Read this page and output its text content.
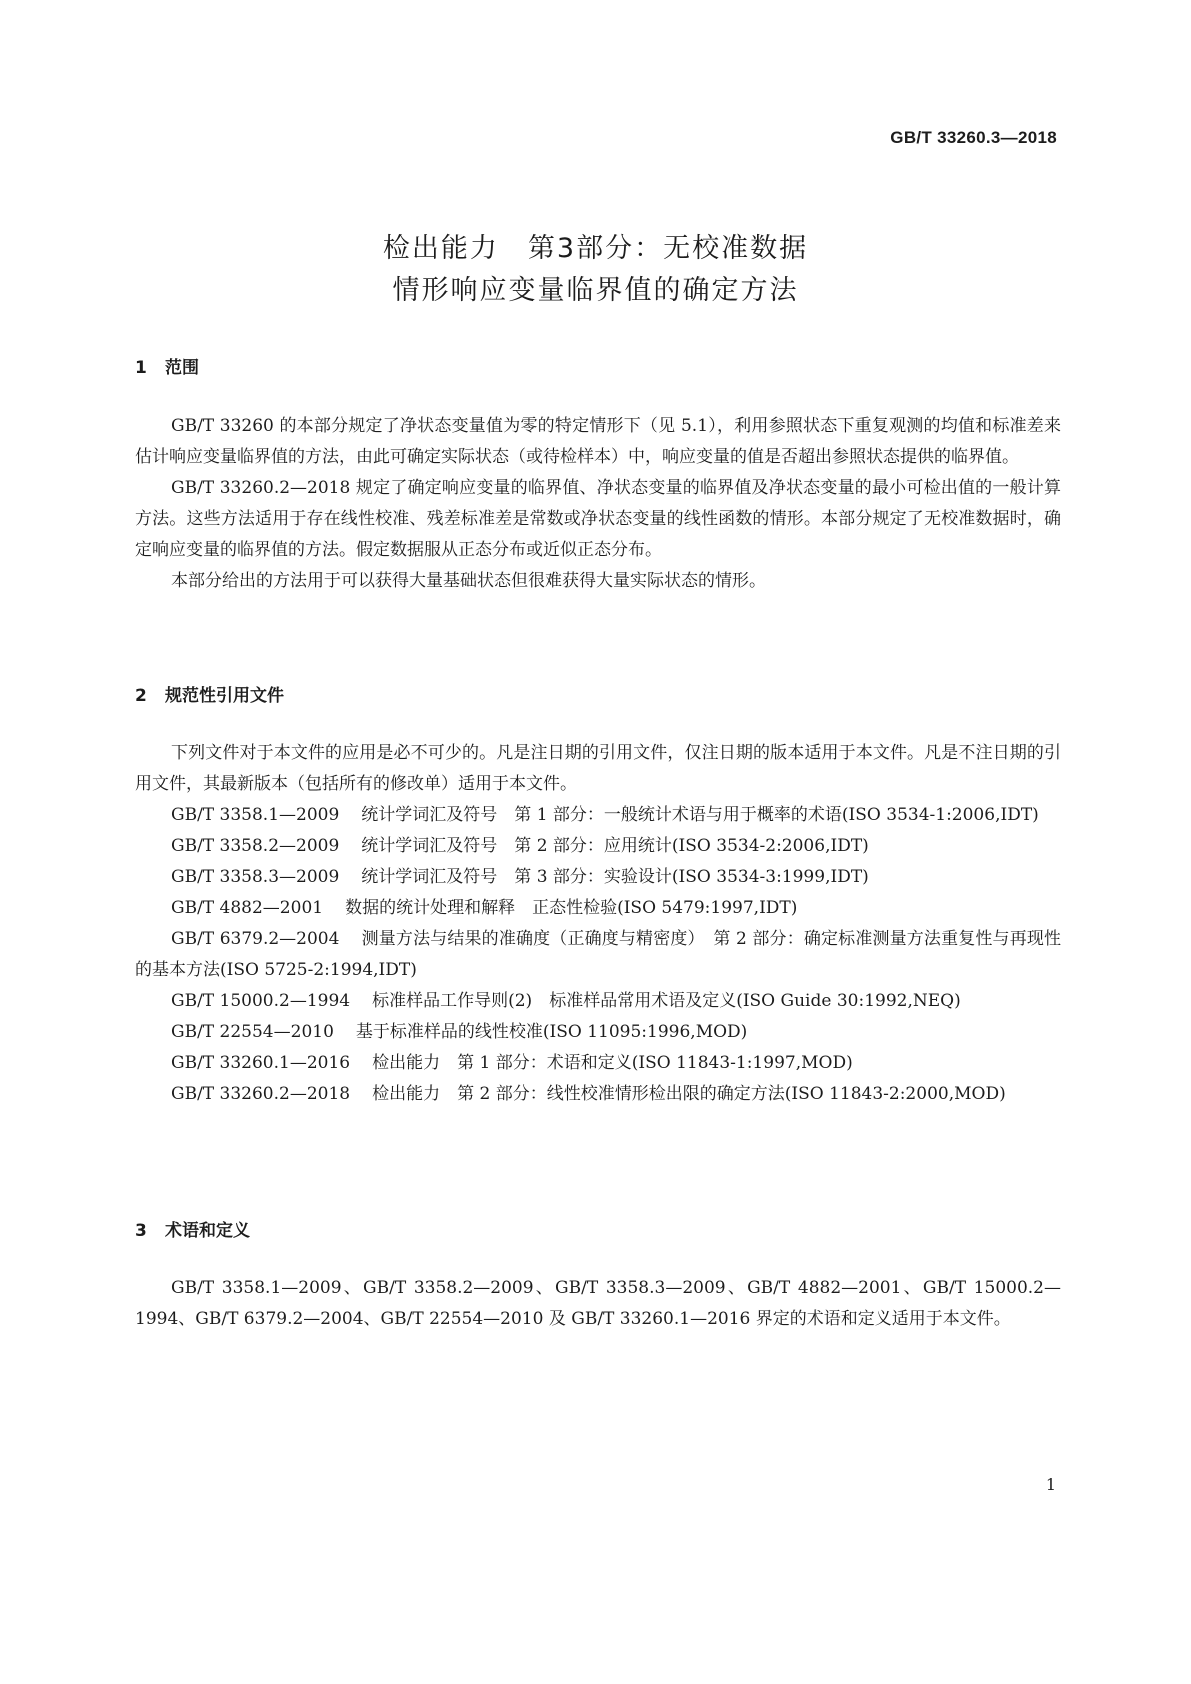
GB/T 33260.3—2018

检出能力　第3部分：无校准数据
情形响应变量临界值的确定方法
1 范围

GB/T 33260 的本部分规定了净状态变量值为零的特定情形下（见 5.1），利用参照状态下重复观测的均值和标准差来估计响应变量临界值的方法，由此可确定实际状态（或待检样本）中，响应变量的值是否超出参照状态提供的临界值。

GB/T 33260.2—2018 规定了确定响应变量的临界值、净状态变量的临界值及净状态变量的最小可检出值的一般计算方法。这些方法适用于存在线性校准、残差标准差是常数或净状态变量的线性函数的情形。本部分规定了无校准数据时，确定响应变量的临界值的方法。假定数据服从正态分布或近似正态分布。

本部分给出的方法用于可以获得大量基础状态但很难获得大量实际状态的情形。

2 规范性引用文件

下列文件对于本文件的应用是必不可少的。凡是注日期的引用文件，仅注日期的版本适用于本文件。凡是不注日期的引用文件，其最新版本（包括所有的修改单）适用于本文件。

GB/T 3358.1—2009 统计学词汇及符号　第 1 部分：一般统计术语与用于概率的术语(ISO 3534-1:2006,IDT)

GB/T 3358.2—2009 统计学词汇及符号　第 2 部分：应用统计(ISO 3534-2:2006,IDT)

GB/T 3358.3—2009 统计学词汇及符号　第 3 部分：实验设计(ISO 3534-3:1999,IDT)

GB/T 4882—2001 数据的统计处理和解释　正态性检验(ISO 5479:1997,IDT)

GB/T 6379.2—2004 测量方法与结果的准确度（正确度与精密度）　第 2 部分：确定标准测量方法重复性与再现性的基本方法(ISO 5725-2:1994,IDT)

GB/T 15000.2—1994 标准样品工作导则(2)　标准样品常用术语及定义(ISO Guide 30:1992,NEQ)

GB/T 22554—2010 基于标准样品的线性校准(ISO 11095:1996,MOD)

GB/T 33260.1—2016 检出能力　第 1 部分：术语和定义(ISO 11843-1:1997,MOD)

GB/T 33260.2—2018 检出能力　第 2 部分：线性校准情形检出限的确定方法(ISO 11843-2:2000,MOD)

3 术语和定义

GB/T 3358.1—2009、GB/T 3358.2—2009、GB/T 3358.3—2009、GB/T 4882—2001、GB/T 15000.2—1994、GB/T 6379.2—2004、GB/T 22554—2010 及 GB/T 33260.1—2016 界定的术语和定义适用于本文件。

1
